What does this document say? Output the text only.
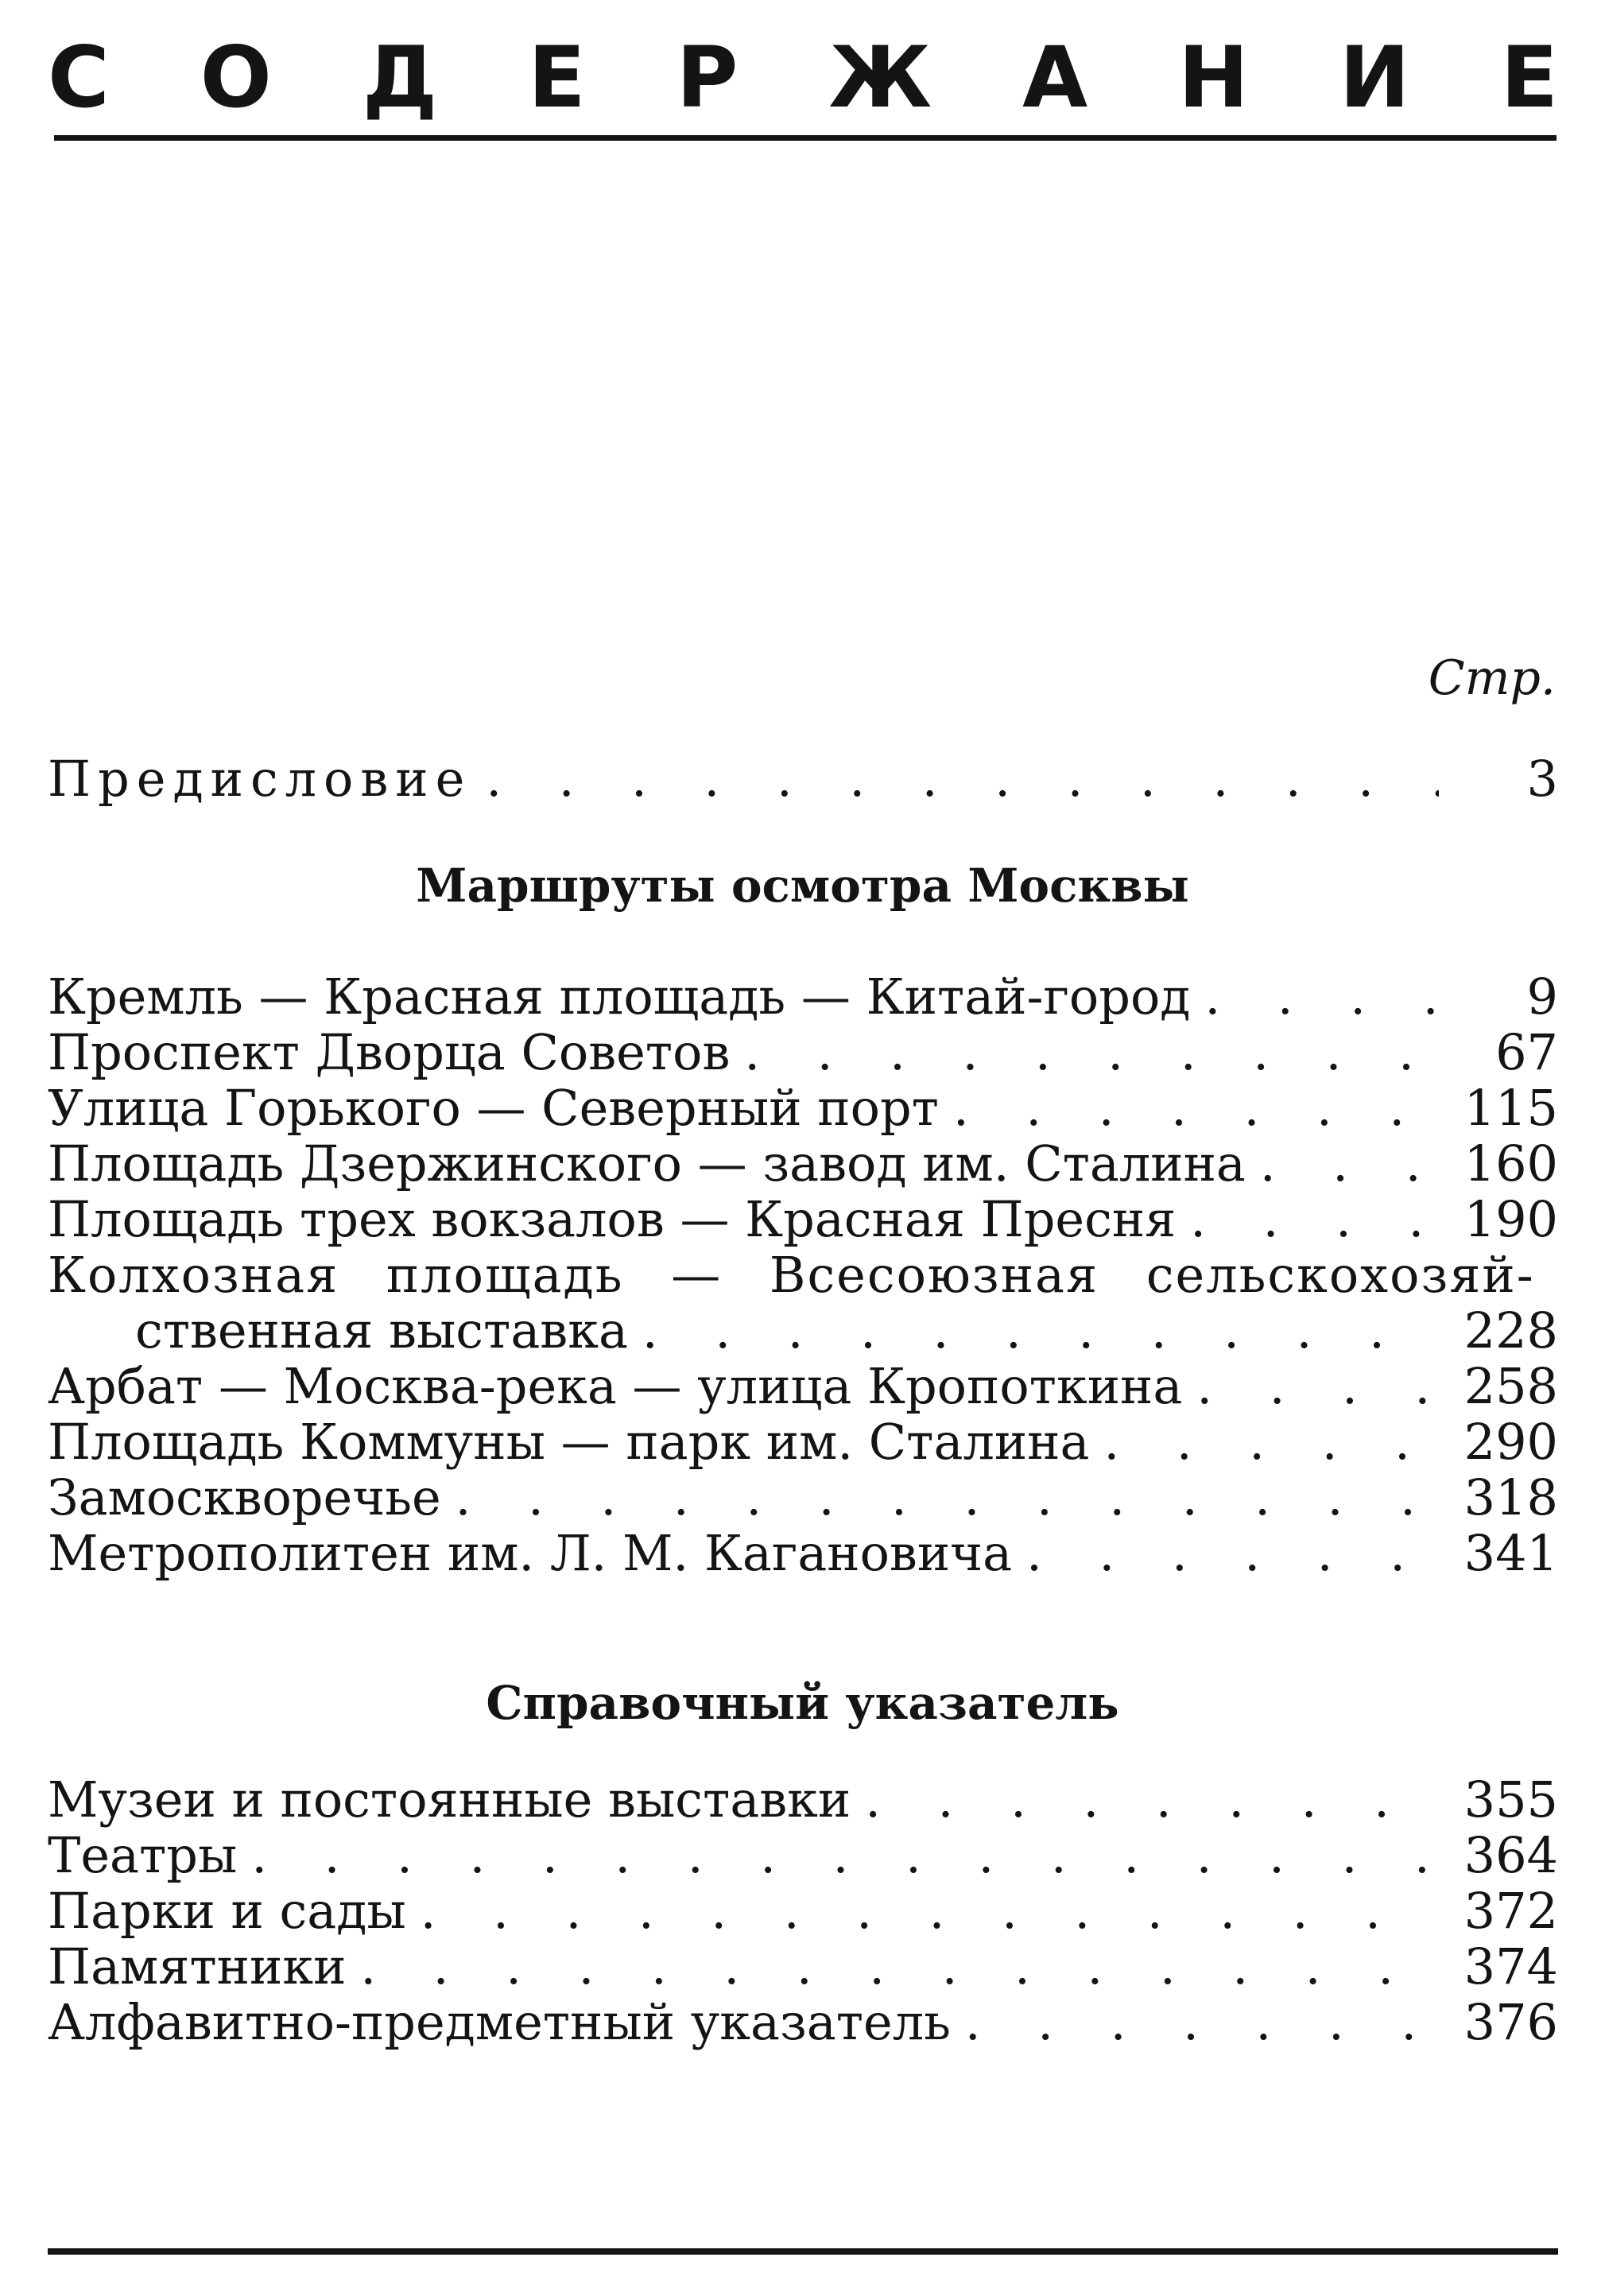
С О Д Е Р Ж А Н И Е
Стр.
Предисловие . . .	3
Маршруты осмотра Москвы
Кремль — Красная площадь — Китай-город . . .	9
Проспект Дворца Советов . . .	67
Улица Горького — Северный порт . . .	115
Площадь Дзержинского — завод им. Сталина . . .	160
Площадь трех вокзалов — Красная Пресня . . .	190
Колхозная площадь — Всесоюзная сельскохозяй-
ственная выставка . . .	228
Арбат — Москва-река — улица Кропоткина . . .	258
Площадь Коммуны — парк им. Сталина . . .	290
Замоскворечье . . .	318
Метрополитен им. Л. М. Кагановича . . .	341
Справочный указатель
Музеи и постоянные выставки . . .	355
Театры . . .	364
Парки и сады . . .	372
Памятники . . .	374
Алфавитно-предметный указатель . . .	376
